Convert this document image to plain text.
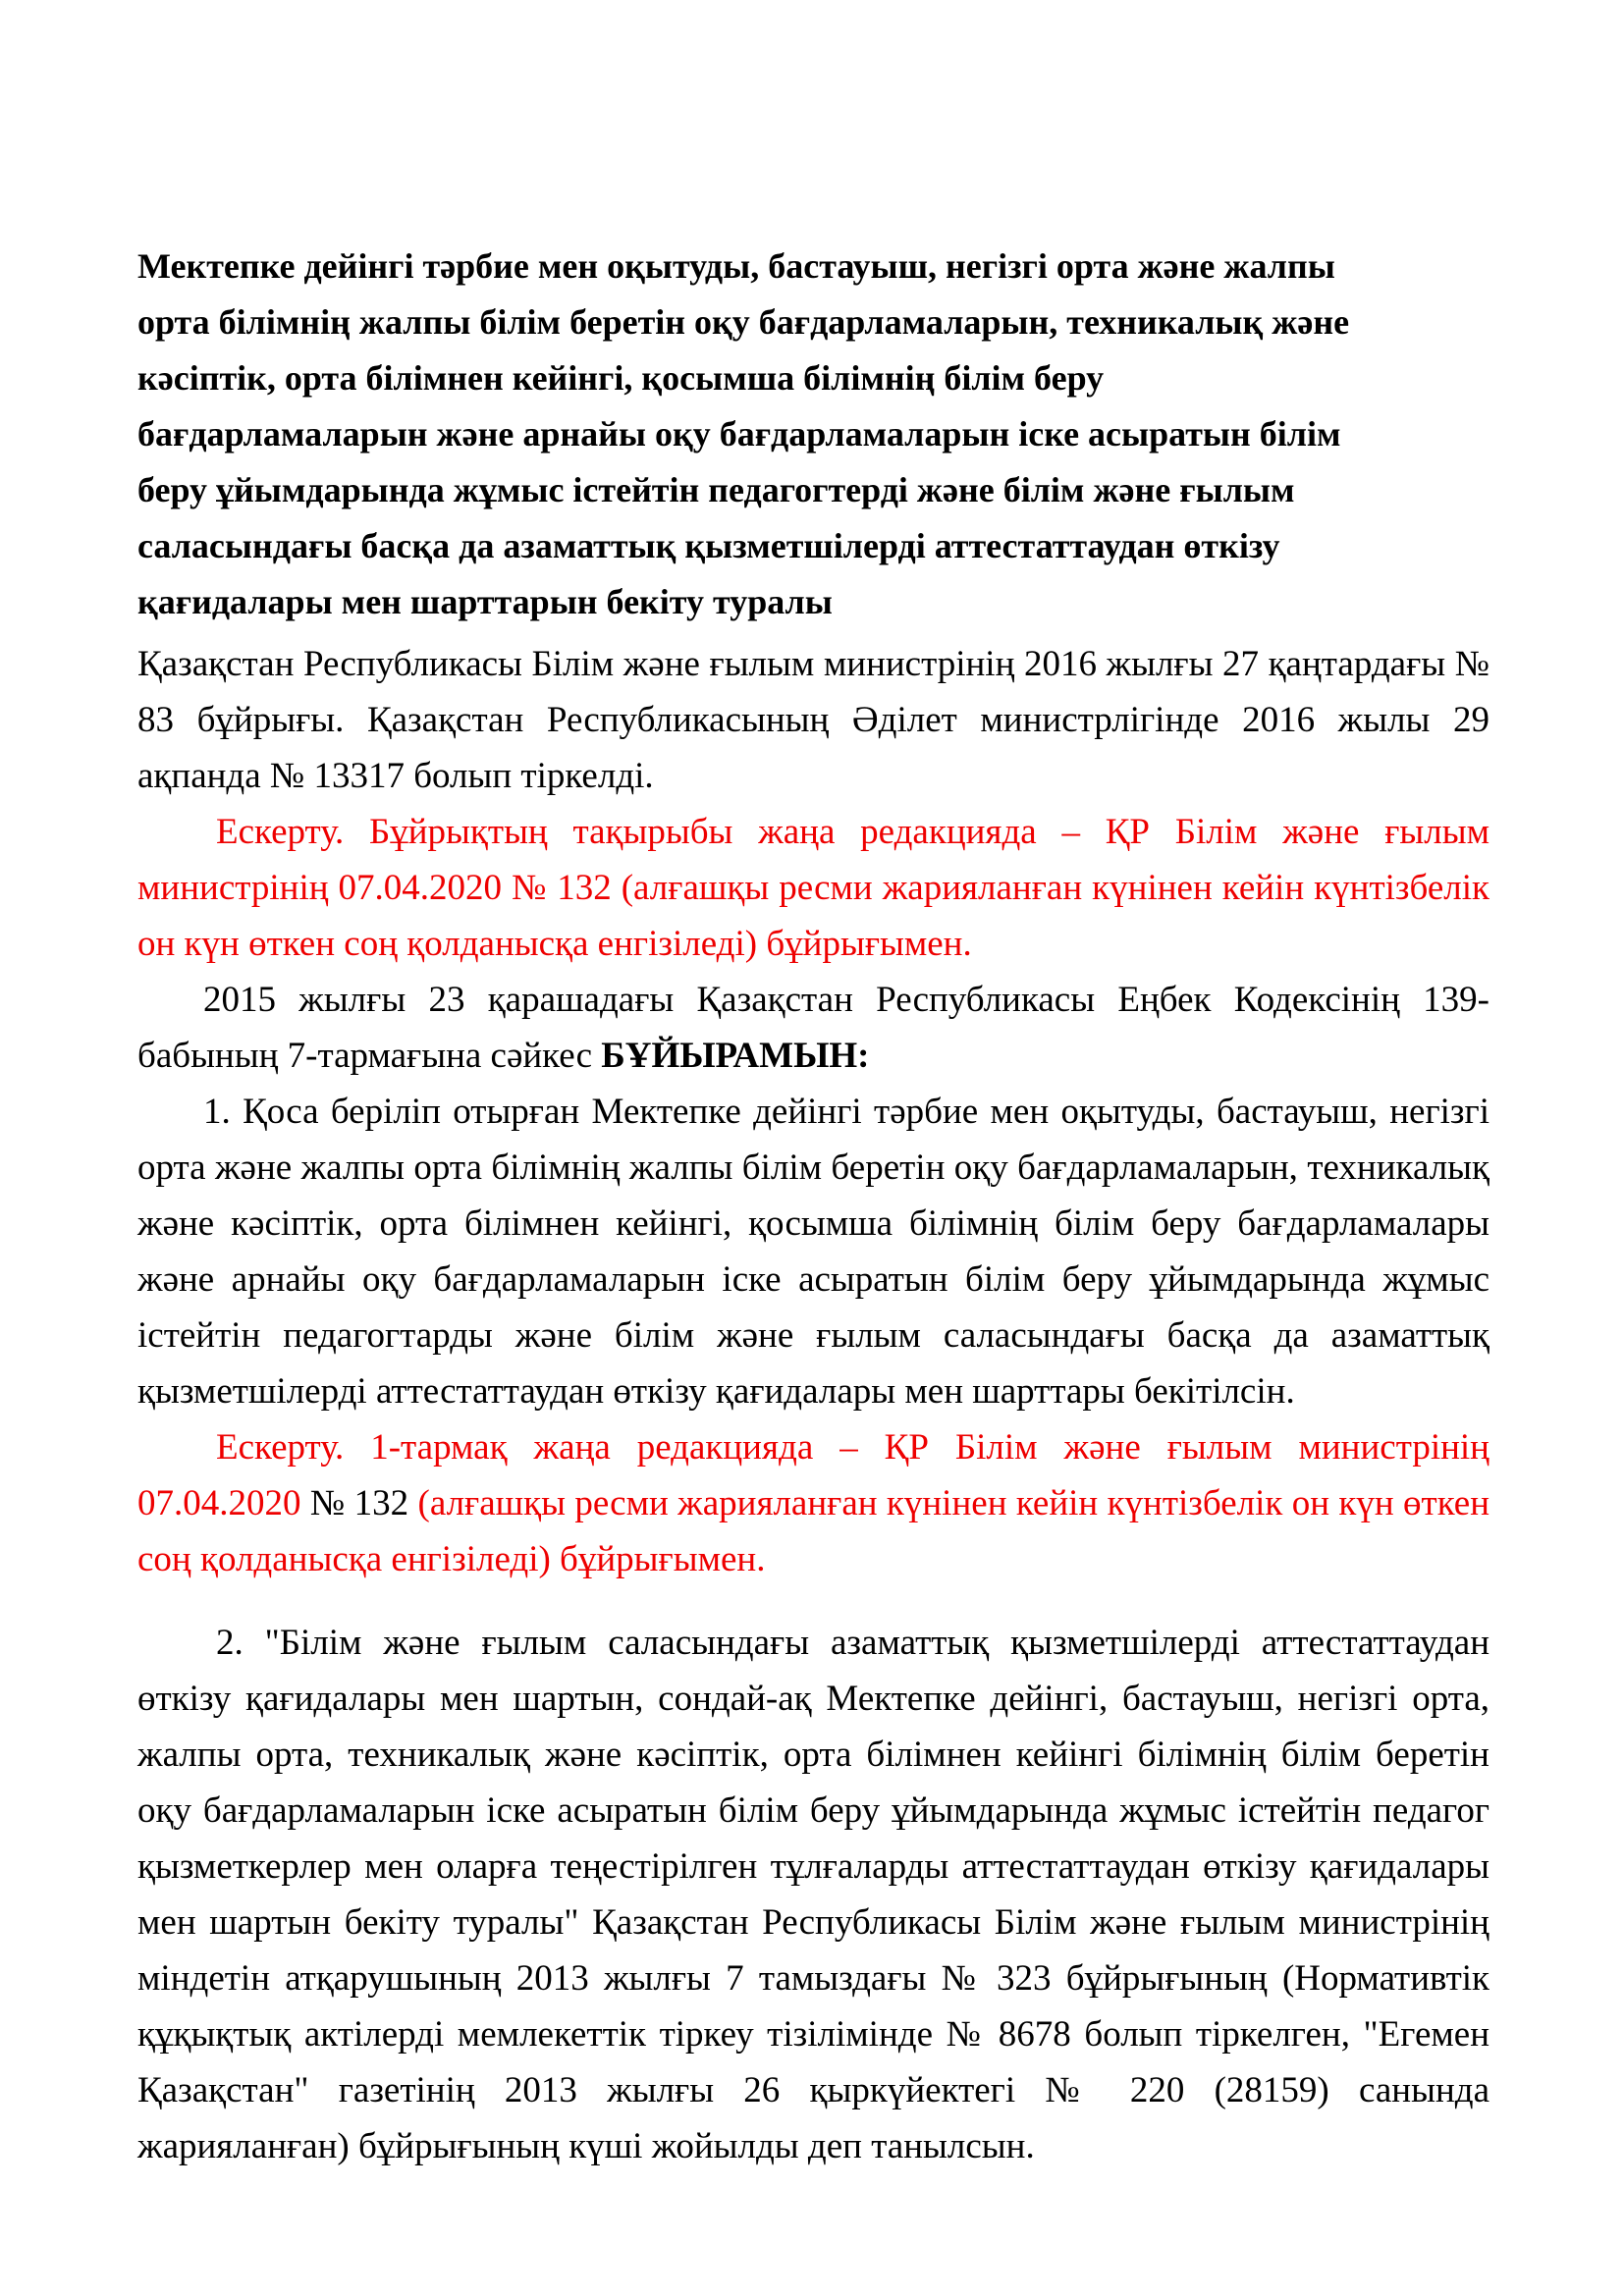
Мектепке дейінгі тәрбие мен оқытуды, бастауыш, негізгі орта және жалпы
орта білімнің жалпы білім беретін оқу бағдарламаларын, техникалық және
кәсіптік, орта білімнен кейінгі, қосымша білімнің білім беру
бағдарламаларын және арнайы оқу бағдарламаларын іске асыратын білім
беру ұйымдарында жұмыс істейтін педагогтерді және білім және ғылым
саласындағы басқа да азаматтық қызметшілерді аттестаттаудан өткізу
қағидалары мен шарттарын бекіту туралы

Қазақстан Республикасы Білім және ғылым министрінің 2016 жылғы 27 қаңтардағы № 83 бұйрығы. Қазақстан Республикасының Әділет министрлігінде 2016 жылы 29 ақпанда № 13317 болып тіркелді.

Ескерту. Бұйрықтың тақырыбы жаңа редакцияда – ҚР Білім және ғылым министрінің 07.04.2020 № 132 (алғашқы ресми жарияланған күнінен кейін күнтізбелік он күн өткен соң қолданысқа енгізіледі) бұйрығымен.

2015 жылғы 23 қарашадағы Қазақстан Республикасы Еңбек Кодексінің 139-бабының 7-тармағына сәйкес БҰЙЫРАМЫН:

1. Қоса беріліп отырған Мектепке дейінгі тәрбие мен оқытуды, бастауыш, негізгі орта және жалпы орта білімнің жалпы білім беретін оқу бағдарламаларын, техникалық және кәсіптік, орта білімнен кейінгі, қосымша білімнің білім беру бағдарламалары және арнайы оқу бағдарламаларын іске асыратын білім беру ұйымдарында жұмыс істейтін педагогтарды және білім және ғылым саласындағы басқа да азаматтық қызметшілерді аттестаттаудан өткізу қағидалары мен шарттары бекітілсін.

Ескерту. 1-тармақ жаңа редакцияда – ҚР Білім және ғылым министрінің 07.04.2020 № 132 (алғашқы ресми жарияланған күнінен кейін күнтізбелік он күн өткен соң қолданысқа енгізіледі) бұйрығымен.

2. "Білім және ғылым саласындағы азаматтық қызметшілерді аттестаттаудан өткізу қағидалары мен шартын, сондай-ақ Мектепке дейінгі, бастауыш, негізгі орта, жалпы орта, техникалық және кәсіптік, орта білімнен кейінгі білімнің білім беретін оқу бағдарламаларын іске асыратын білім беру ұйымдарында жұмыс істейтін педагог қызметкерлер мен оларға теңестірілген тұлғаларды аттестаттаудан өткізу қағидалары мен шартын бекіту туралы" Қазақстан Республикасы Білім және ғылым министрінің міндетін атқарушының 2013 жылғы 7 тамыздағы № 323 бұйрығының (Нормативтік құқықтық актілерді мемлекеттік тіркеу тізілімінде № 8678 болып тіркелген, "Егемен Қазақстан" газетінің 2013 жылғы 26 қыркүйектегі № 220 (28159) санында жарияланған) бұйрығының күші жойылды деп танылсын.
